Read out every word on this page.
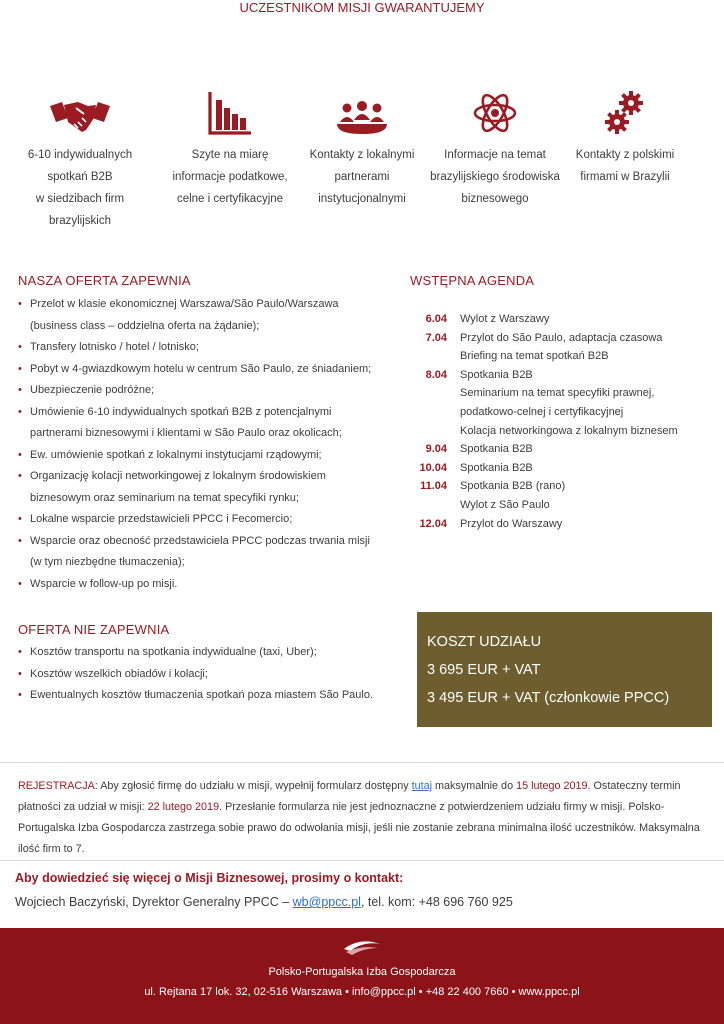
UCZESTNIKOM MISJI GWARANTUJEMY
6-10 indywidualnych
spotkań B2B
w siedzibach firm
brazylijskich
Szyte na miarę
informacje podatkowe,
celne i certyfikacyjne
Kontakty z lokalnymi
partnerami
instytucjonalnymi
Informacje na temat
brazylijskiego środowiska
biznesowego
Kontakty z polskimi
firmami w Brazylii
NASZA OFERTA ZAPEWNIA
• Przelot w klasie ekonomicznej Warszawa/São Paulo/Warszawa
(business class – oddzielna oferta na żądanie);
• Transfery lotnisko / hotel / lotnisko;
• Pobyt w 4-gwiazdkowym hotelu w centrum São Paulo, ze śniadaniem;
• Ubezpieczenie podróżne;
• Umówienie 6-10 indywidualnych spotkań B2B z potencjalnymi
partnerami biznesowymi i klientami w São Paulo oraz okolicach;
• Ew. umówienie spotkań z lokalnymi instytucjami rządowymi;
• Organizację kolacji networkingowej z lokalnym środowiskiem
biznesowym oraz seminarium na temat specyfiki rynku;
• Lokalne wsparcie przedstawicieli PPCC i Fecomercio;
• Wsparcie oraz obecność przedstawiciela PPCC podczas trwania misji
(w tym niezbędne tłumaczenia);
• Wsparcie w follow-up po misji.
WSTĘPNA AGENDA
6.04 Wylot z Warszawy
7.04 Przylot do São Paulo, adaptacja czasowa
Briefing na temat spotkań B2B
8.04 Spotkania B2B
Seminarium na temat specyfiki prawnej,
podatkowo-celnej i certyfikacyjnej
Kolacja networkingowa z lokalnym biznesem
9.04 Spotkania B2B
10.04 Spotkania B2B
11.04 Spotkania B2B (rano)
Wylot z São Paulo
12.04 Przylot do Warszawy
OFERTA NIE ZAPEWNIA
• Kosztów transportu na spotkania indywidualne (taxi, Uber);
• Kosztów wszelkich obiadów i kolacji;
• Ewentualnych kosztów tłumaczenia spotkań poza miastem São Paulo.
KOSZT UDZIAŁU
3 695 EUR + VAT
3 495 EUR + VAT (członkowie PPCC)
REJESTRACJA: Aby zgłosić firmę do udziału w misji, wypełnij formularz dostępny tutaj maksymalnie do 15 lutego 2019. Ostateczny termin płatności za udział w misji: 22 lutego 2019. Przesłanie formularza nie jest jednoznaczne z potwierdzeniem udziału firmy w misji. Polsko-Portugalska Izba Gospodarcza zastrzega sobie prawo do odwołania misji, jeśli nie zostanie zebrana minimalna ilość uczestników. Maksymalna ilość firm to 7.
Aby dowiedzieć się więcej o Misji Biznesowej, prosimy o kontakt:
Wojciech Baczyński, Dyrektor Generalny PPCC – wb@ppcc.pl, tel. kom: +48 696 760 925
Polsko-Portugalska Izba Gospodarcza
ul. Rejtana 17 lok. 32, 02-516 Warszawa • info@ppcc.pl • +48 22 400 7660 • www.ppcc.pl
